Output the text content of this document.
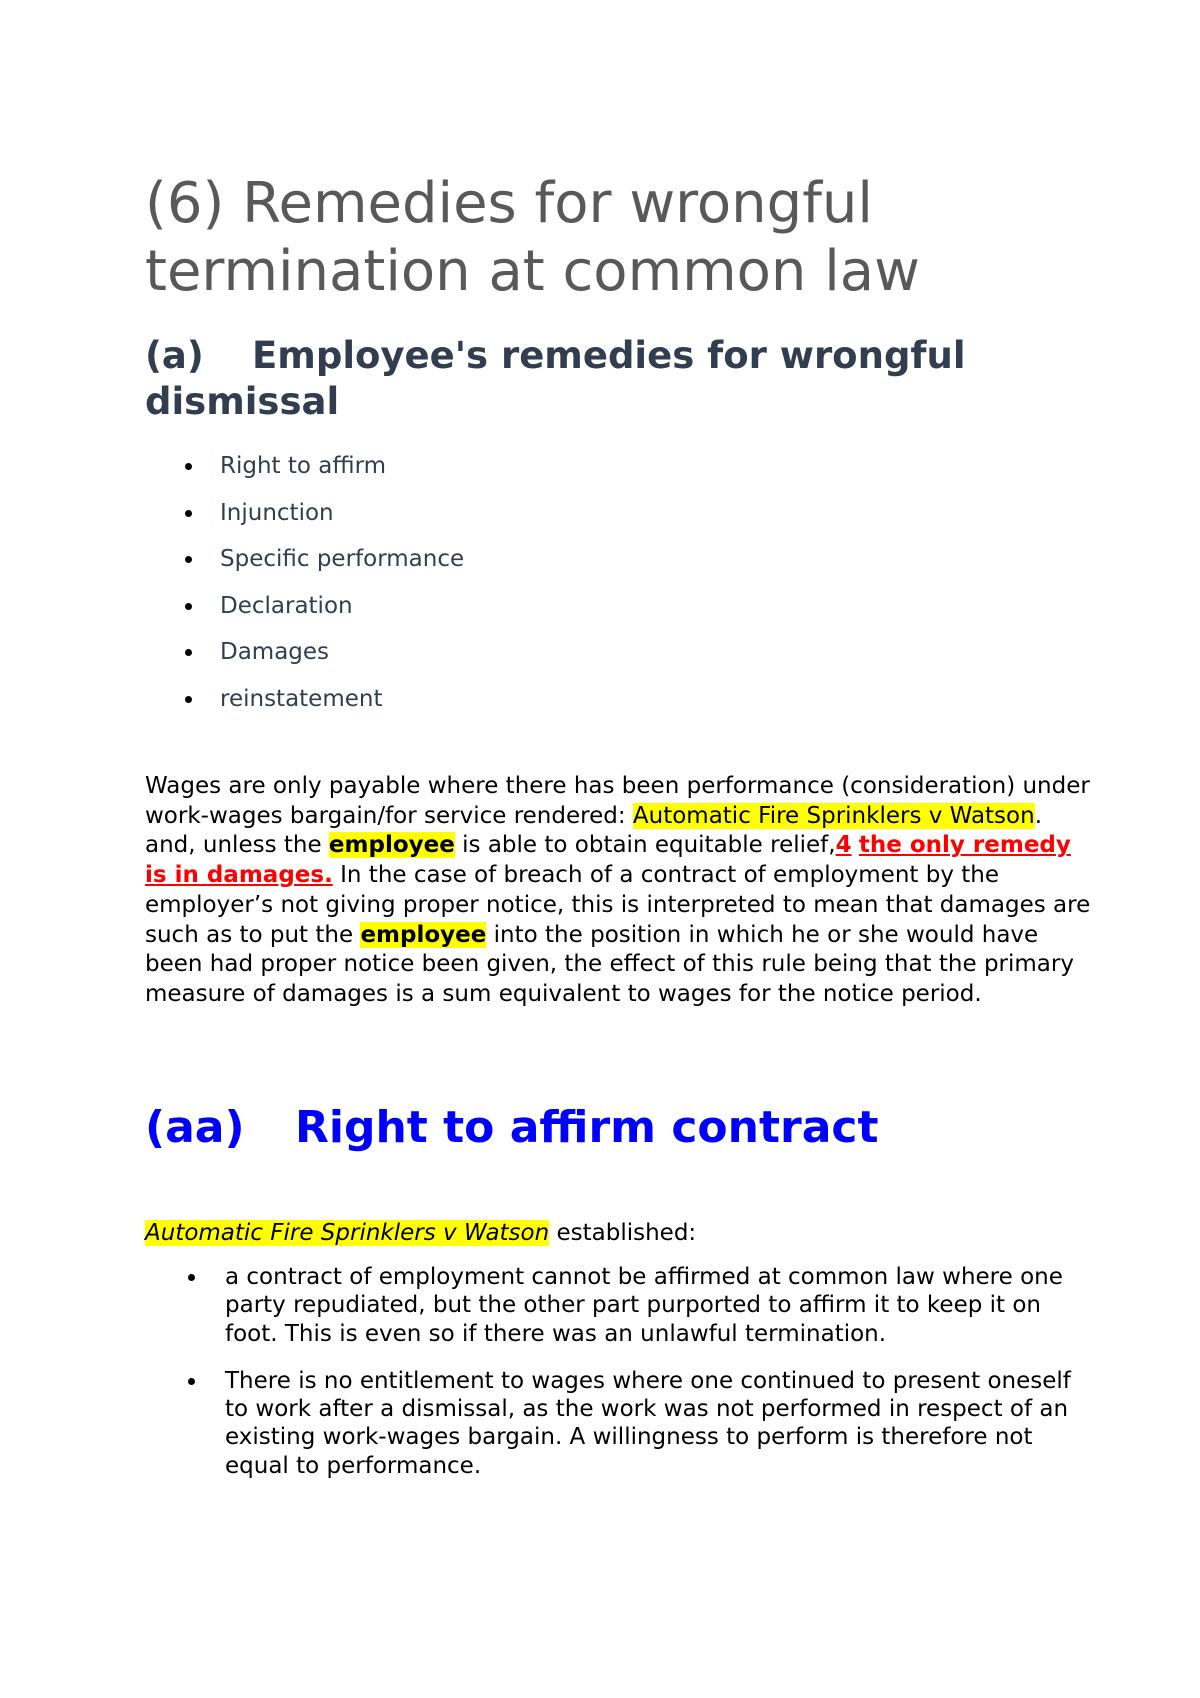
(6) Remedies for wrongful termination at common law
(a) Employee's remedies for wrongful dismissal
Right to affirm
Injunction
Specific performance
Declaration
Damages
reinstatement

Wages are only payable where there has been performance (consideration) under work-wages bargain/for service rendered: Automatic Fire Sprinklers v Watson. and, unless the employee is able to obtain equitable relief,4 the only remedy is in damages. In the case of breach of a contract of employment by the employer’s not giving proper notice, this is interpreted to mean that damages are such as to put the employee into the position in which he or she would have been had proper notice been given, the effect of this rule being that the primary measure of damages is a sum equivalent to wages for the notice period.

(aa) Right to affirm contract

Automatic Fire Sprinklers v Watson established:

a contract of employment cannot be affirmed at common law where one party repudiated, but the other part purported to affirm it to keep it on foot. This is even so if there was an unlawful termination.
There is no entitlement to wages where one continued to present oneself to work after a dismissal, as the work was not performed in respect of an existing work-wages bargain. A willingness to perform is therefore not equal to performance.
